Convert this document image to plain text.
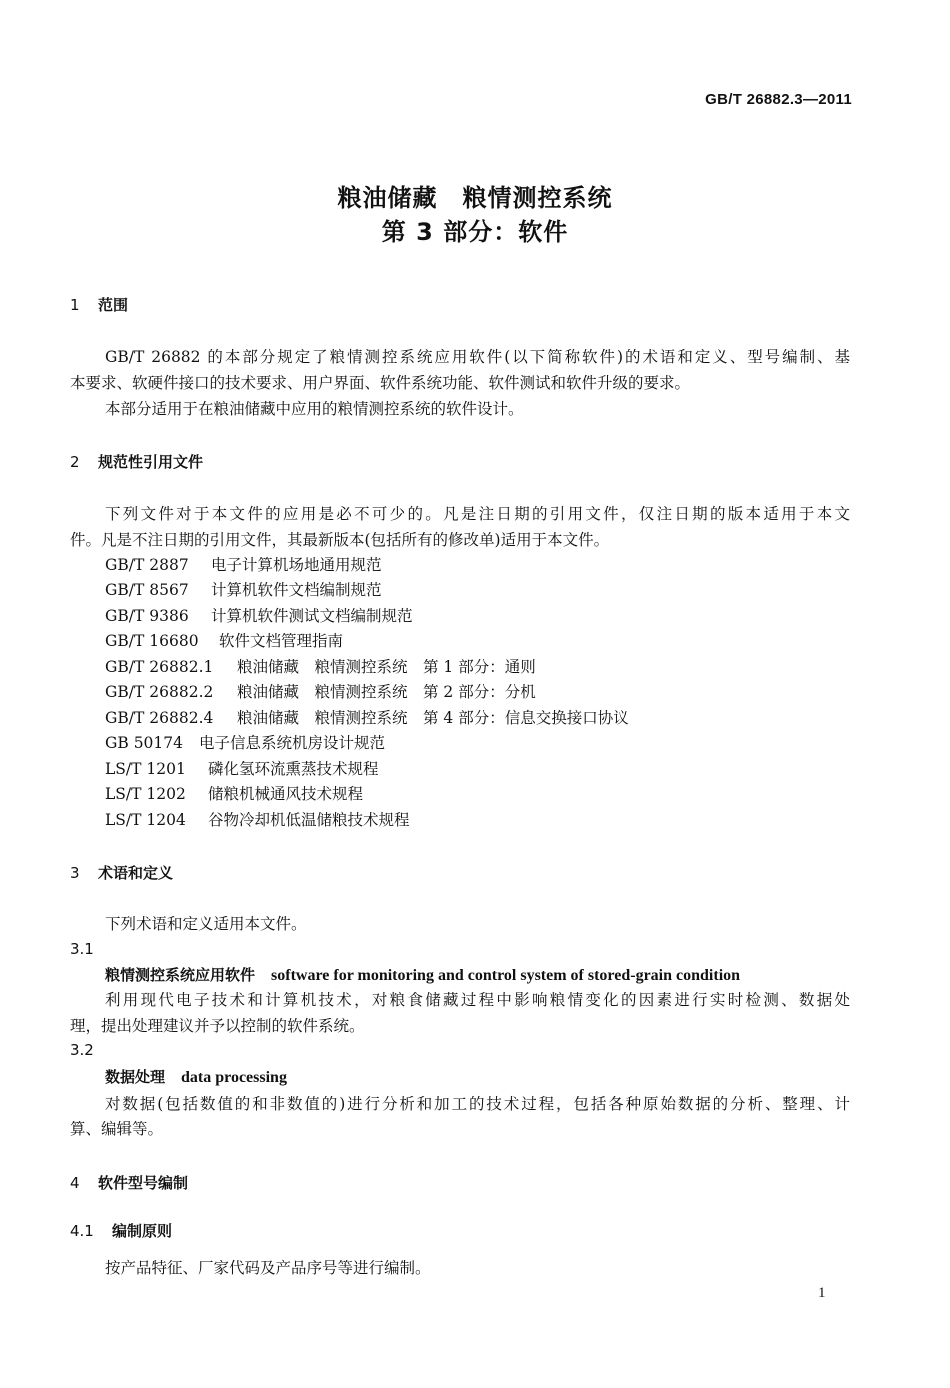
GB/T 26882.3—2011
粮油储藏　粮情测控系统
第 3 部分：软件
1 范围
GB/T 26882 的本部分规定了粮情测控系统应用软件(以下简称软件)的术语和定义、型号编制、基
本要求、软硬件接口的技术要求、用户界面、软件系统功能、软件测试和软件升级的要求。
本部分适用于在粮油储藏中应用的粮情测控系统的软件设计。
2 规范性引用文件
下列文件对于本文件的应用是必不可少的。凡是注日期的引用文件，仅注日期的版本适用于本文
件。凡是不注日期的引用文件，其最新版本(包括所有的修改单)适用于本文件。
GB/T 2887 电子计算机场地通用规范
GB/T 8567 计算机软件文档编制规范
GB/T 9386 计算机软件测试文档编制规范
GB/T 16680 软件文档管理指南
GB/T 26882.1 粮油储藏　粮情测控系统　第 1 部分：通则
GB/T 26882.2 粮油储藏　粮情测控系统　第 2 部分：分机
GB/T 26882.4 粮油储藏　粮情测控系统　第 4 部分：信息交换接口协议
GB 50174 电子信息系统机房设计规范
LS/T 1201 磷化氢环流熏蒸技术规程
LS/T 1202 储粮机械通风技术规程
LS/T 1204 谷物冷却机低温储粮技术规程
3 术语和定义
下列术语和定义适用本文件。
3.1
粮情测控系统应用软件 software for monitoring and control system of stored-grain condition
利用现代电子技术和计算机技术，对粮食储藏过程中影响粮情变化的因素进行实时检测、数据处
理，提出处理建议并予以控制的软件系统。
3.2
数据处理 data processing
对数据(包括数值的和非数值的)进行分析和加工的技术过程，包括各种原始数据的分析、整理、计
算、编辑等。
4 软件型号编制
4.1 编制原则
按产品特征、厂家代码及产品序号等进行编制。
1
